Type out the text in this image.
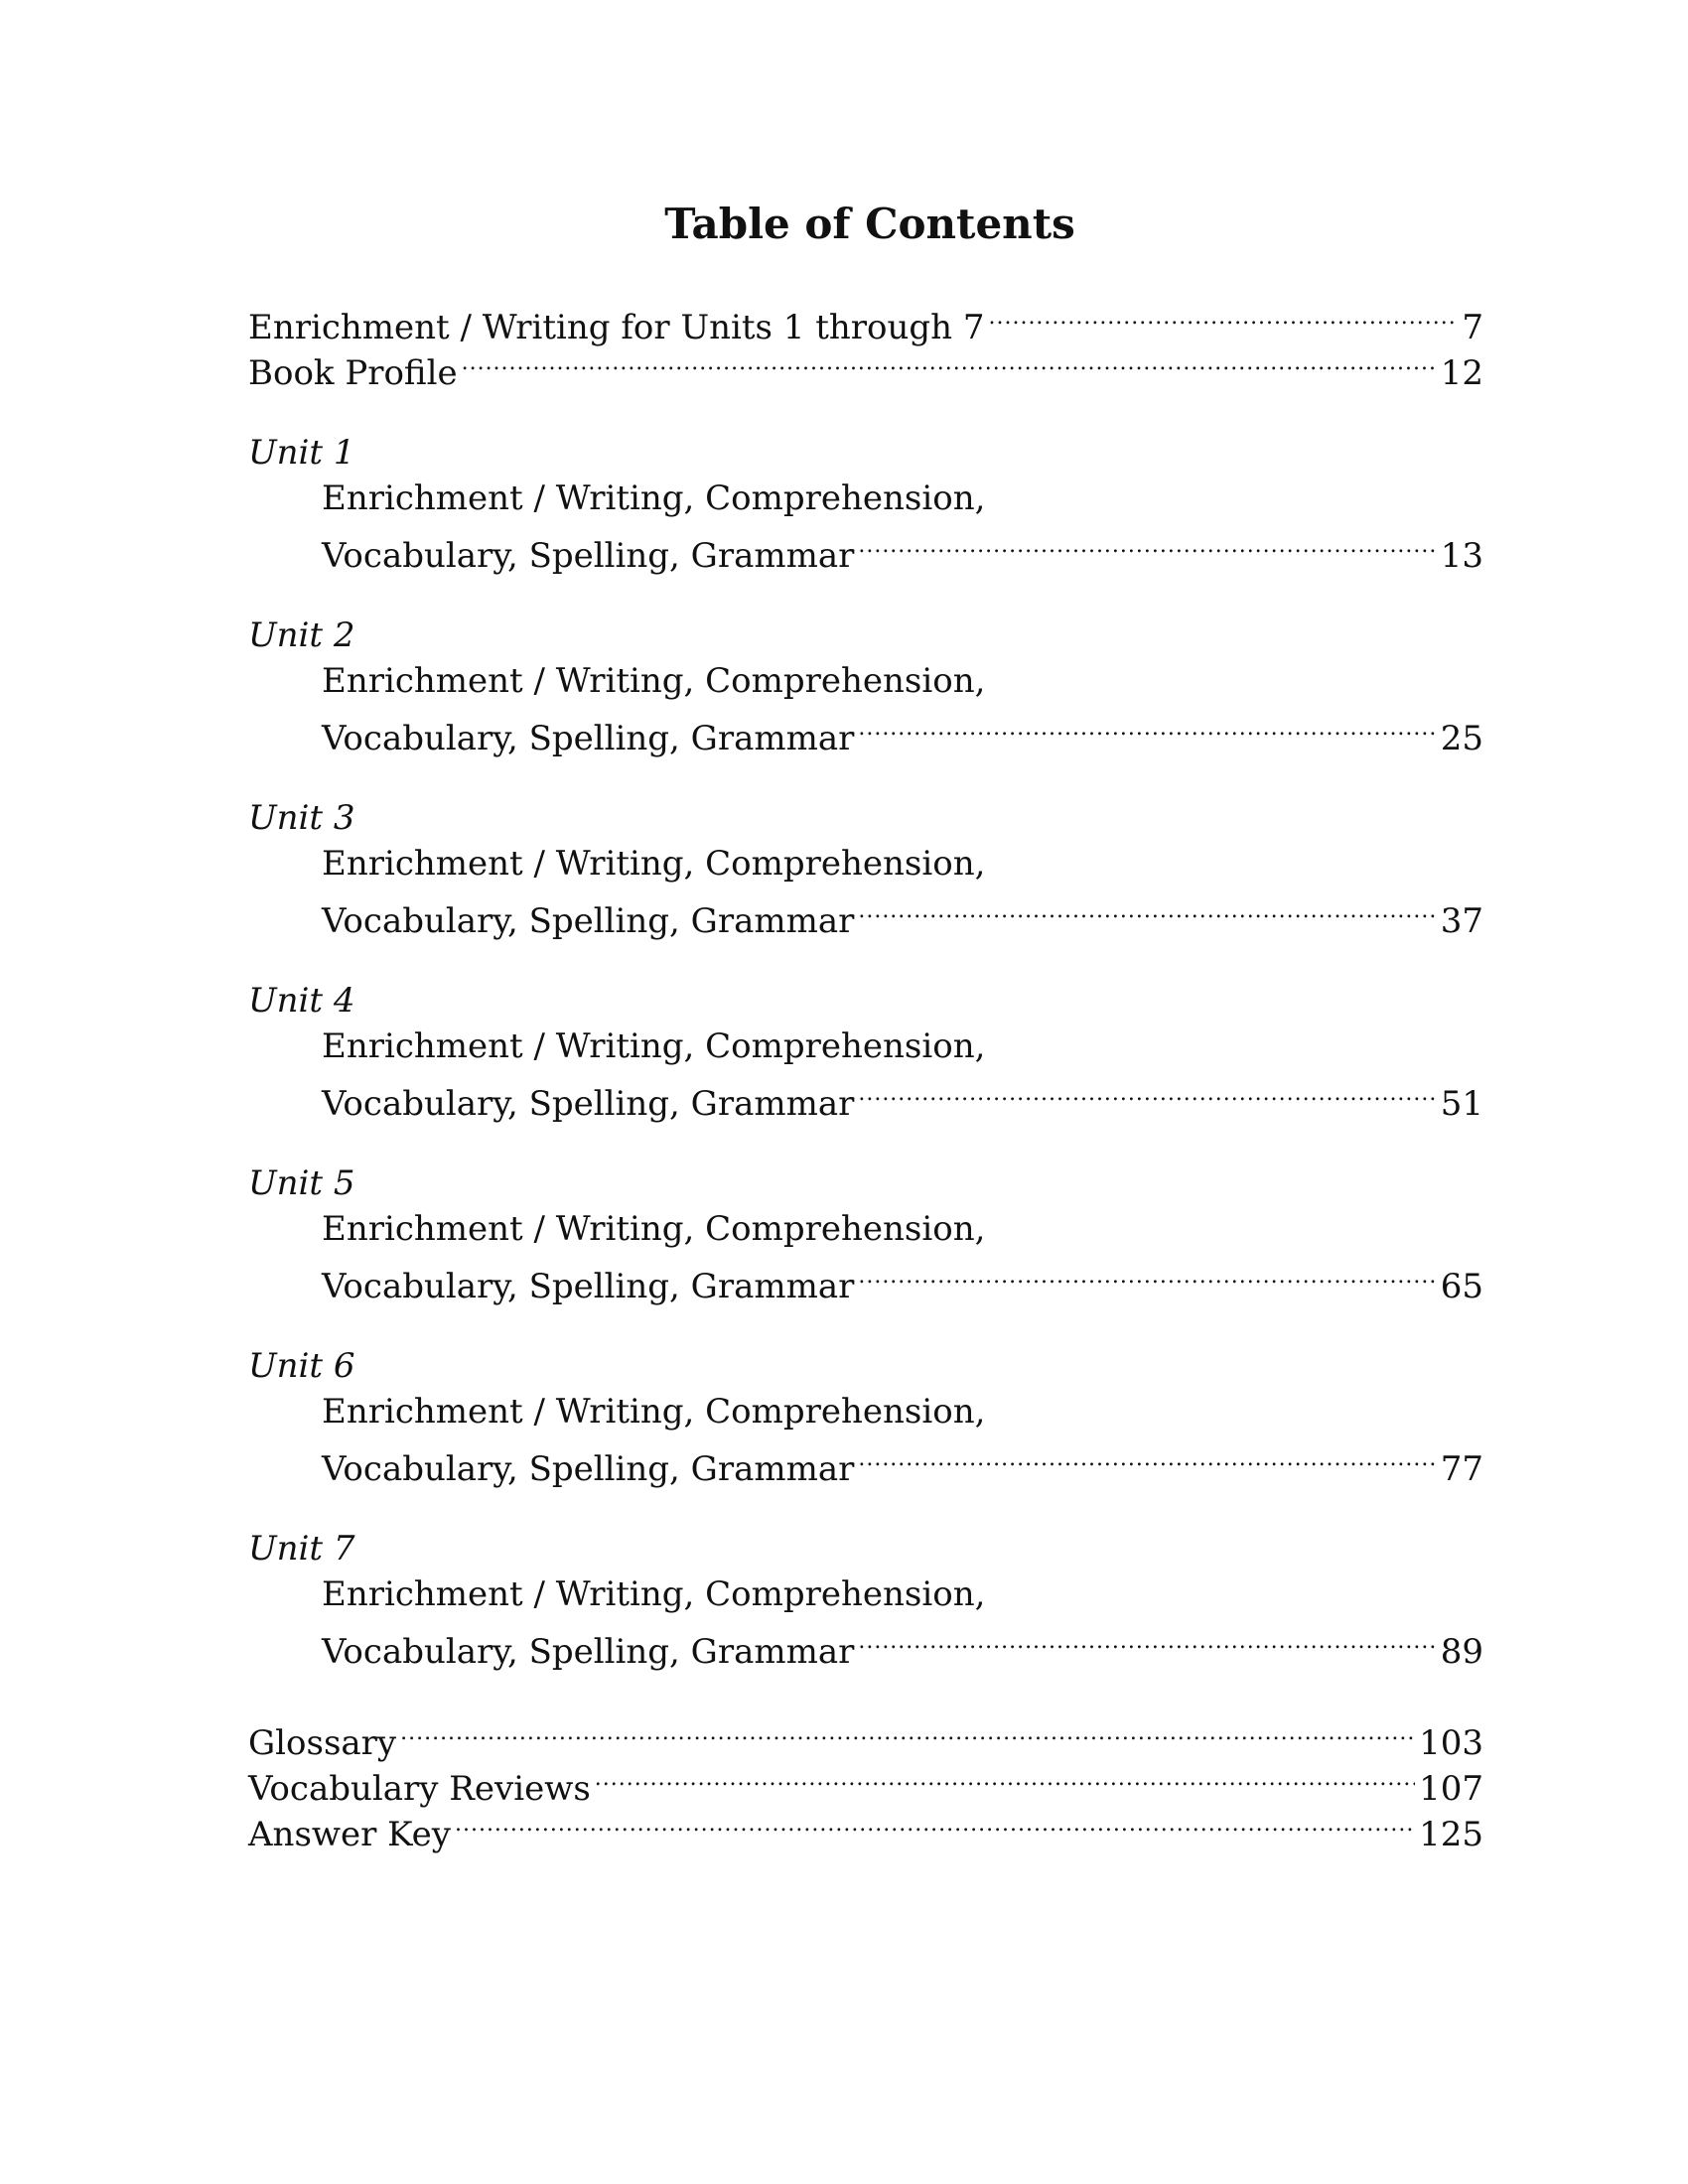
Table of Contents
Enrichment / Writing for Units 1 through 7 . . .	7
Book Profile . . .	12
Unit 1
Enrichment / Writing, Comprehension,
Vocabulary, Spelling, Grammar . . .	13
Unit 2
Enrichment / Writing, Comprehension,
Vocabulary, Spelling, Grammar . . .	25
Unit 3
Enrichment / Writing, Comprehension,
Vocabulary, Spelling, Grammar . . .	37
Unit 4
Enrichment / Writing, Comprehension,
Vocabulary, Spelling, Grammar . . .	51
Unit 5
Enrichment / Writing, Comprehension,
Vocabulary, Spelling, Grammar . . .	65
Unit 6
Enrichment / Writing, Comprehension,
Vocabulary, Spelling, Grammar . . .	77
Unit 7
Enrichment / Writing, Comprehension,
Vocabulary, Spelling, Grammar . . .	89
Glossary . . .	103
Vocabulary Reviews . . .	107
Answer Key . . .	125
